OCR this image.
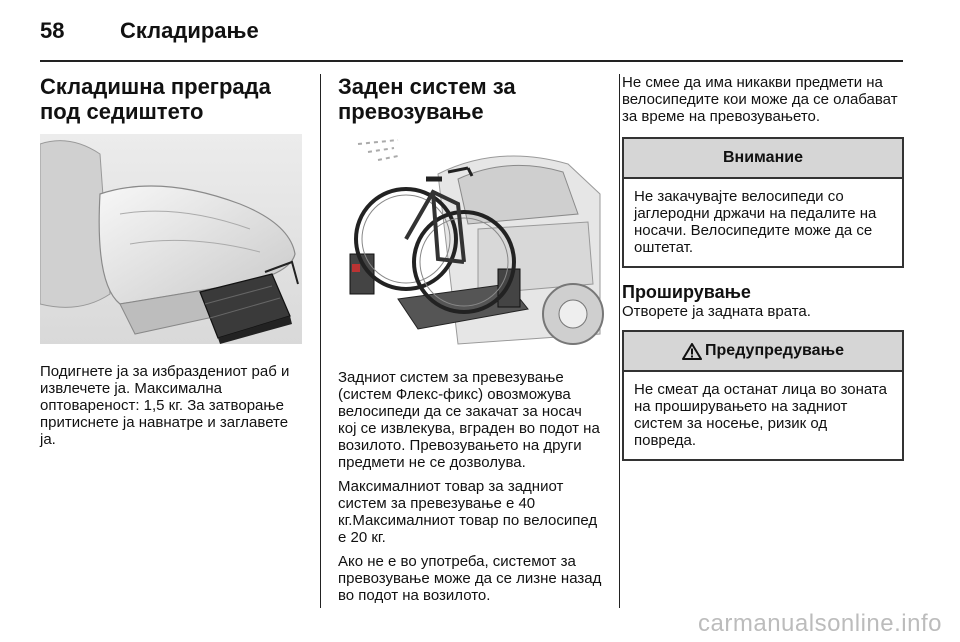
58	Складирање
Складишна преграда под седиштето

Подигнете ја за избраздениот раб и извлечете ја. Максимална оптовареност: 1,5 кг. За затворање притиснете ја навнатре и заглавете ја.

Заден систем за превозување

Задниот систем за превезување (систем Флекс-фикс) овозможува велосипеди да се закачат за носач кој се извлекува, вграден во подот на возилото. Превозувањето на други предмети не се дозволува.

Максималниот товар за задниот систем за превезување е 40 кг.Максималниот товар по велосипед е 20 кг.

Ако не е во употреба, системот за превозување може да се лизне назад во подот на возилото.

Не смее да има никакви предмети на велосипедите кои може да се олабават за време на превозувањето.

Внимание
Не закачувајте велосипеди со јаглеродни држачи на педалите на носачи. Велосипедите може да се оштетат.
Проширување

Отворете ја задната врата.

Предупредување
Не смеат да останат лица во зоната на проширувањето на задниот систем за носење, ризик од повреда.
carmanualsonline.info
